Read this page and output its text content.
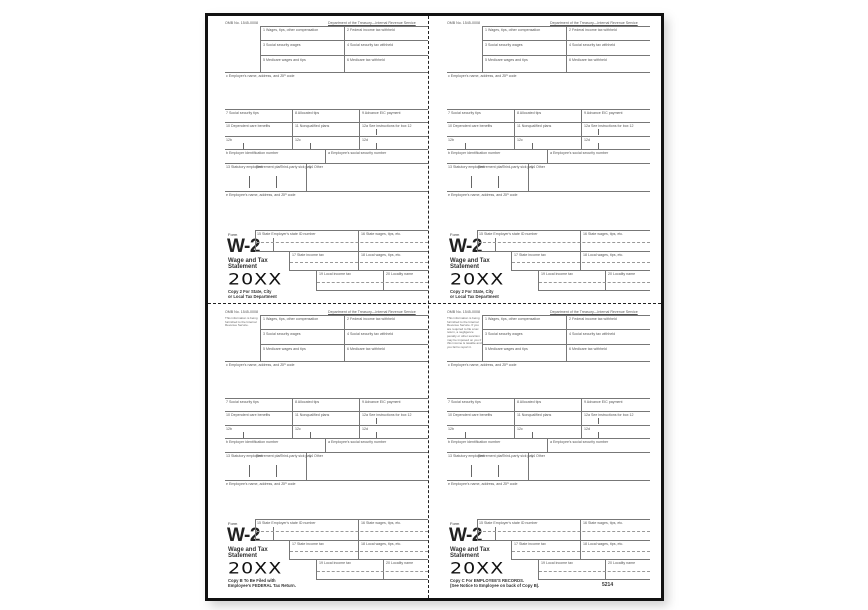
OMB No. 1545-0008	Department of the Treasury—Internal Revenue Service
1 Wages, tips, other compensation	2 Federal income tax withheld
3 Social security wages	4 Social security tax withheld
5 Medicare wages and tips	6 Medicare tax withheld
c Employer's name, address, and ZIP code
7 Social security tips	8 Allocated tips	9 Advance EIC payment
10 Dependent care benefits	11 Nonqualified plans	12a See instructions for box 12
12b	12c	12d
b Employer identification number	a Employee's social security number
13 Statutory employee
Retirement plan
Third-party sick pay
14 Other
e Employee's name, address, and ZIP code
Form
W-2
Wage and Tax
Statement
20XX
Copy 2 For State, City
or Local Tax Department
15 State Employer's state ID number	16 State wages, tips, etc.
17 State income tax	18 Local wages, tips, etc.
19 Local income tax	20 Locality name
OMB No. 1545-0008	Department of the Treasury—Internal Revenue Service
1 Wages, tips, other compensation	2 Federal income tax withheld
3 Social security wages	4 Social security tax withheld
5 Medicare wages and tips	6 Medicare tax withheld
c Employer's name, address, and ZIP code
7 Social security tips	8 Allocated tips	9 Advance EIC payment
10 Dependent care benefits	11 Nonqualified plans	12a See instructions for box 12
12b	12c	12d
b Employer identification number	a Employee's social security number
13 Statutory employee
Retirement plan
Third-party sick pay
14 Other
e Employee's name, address, and ZIP code
Form
W-2
Wage and Tax
Statement
20XX
Copy 2 For State, City
or Local Tax Department
15 State Employer's state ID number	16 State wages, tips, etc.
17 State income tax	18 Local wages, tips, etc.
19 Local income tax	20 Locality name
OMB No. 1545-0008	Department of the Treasury—Internal Revenue Service
This information is being furnished to the Internal Revenue Service.
1 Wages, tips, other compensation	2 Federal income tax withheld
3 Social security wages	4 Social security tax withheld
5 Medicare wages and tips	6 Medicare tax withheld
c Employer's name, address, and ZIP code
7 Social security tips	8 Allocated tips	9 Advance EIC payment
10 Dependent care benefits	11 Nonqualified plans	12a See instructions for box 12
12b	12c	12d
b Employer identification number	a Employee's social security number
13 Statutory employee
Retirement plan
Third-party sick pay
14 Other
e Employee's name, address, and ZIP code
Form
W-2
Wage and Tax
Statement
20XX
Copy B To Be Filed with
Employee's FEDERAL Tax Return.
15 State Employer's state ID number	16 State wages, tips, etc.
17 State income tax	18 Local wages, tips, etc.
19 Local income tax	20 Locality name
OMB No. 1545-0008	Department of the Treasury—Internal Revenue Service
This information is being furnished to the Internal Revenue Service. If you are required to file a tax return, a negligence penalty or other sanction may be imposed on you if this income is taxable and you fail to report it.
1 Wages, tips, other compensation	2 Federal income tax withheld
3 Social security wages	4 Social security tax withheld
5 Medicare wages and tips	6 Medicare tax withheld
c Employer's name, address, and ZIP code
7 Social security tips	8 Allocated tips	9 Advance EIC payment
10 Dependent care benefits	11 Nonqualified plans	12a See instructions for box 12
12b	12c	12d
b Employer identification number	a Employee's social security number
13 Statutory employee
Retirement plan
Third-party sick pay
14 Other
e Employee's name, address, and ZIP code
Form
W-2
Wage and Tax
Statement
20XX
Copy C For EMPLOYEE'S RECORDS.
(See Notice to Employee on back of Copy B).
15 State Employer's state ID number	16 State wages, tips, etc.
17 State income tax	18 Local wages, tips, etc.
19 Local income tax	20 Locality name
5214
